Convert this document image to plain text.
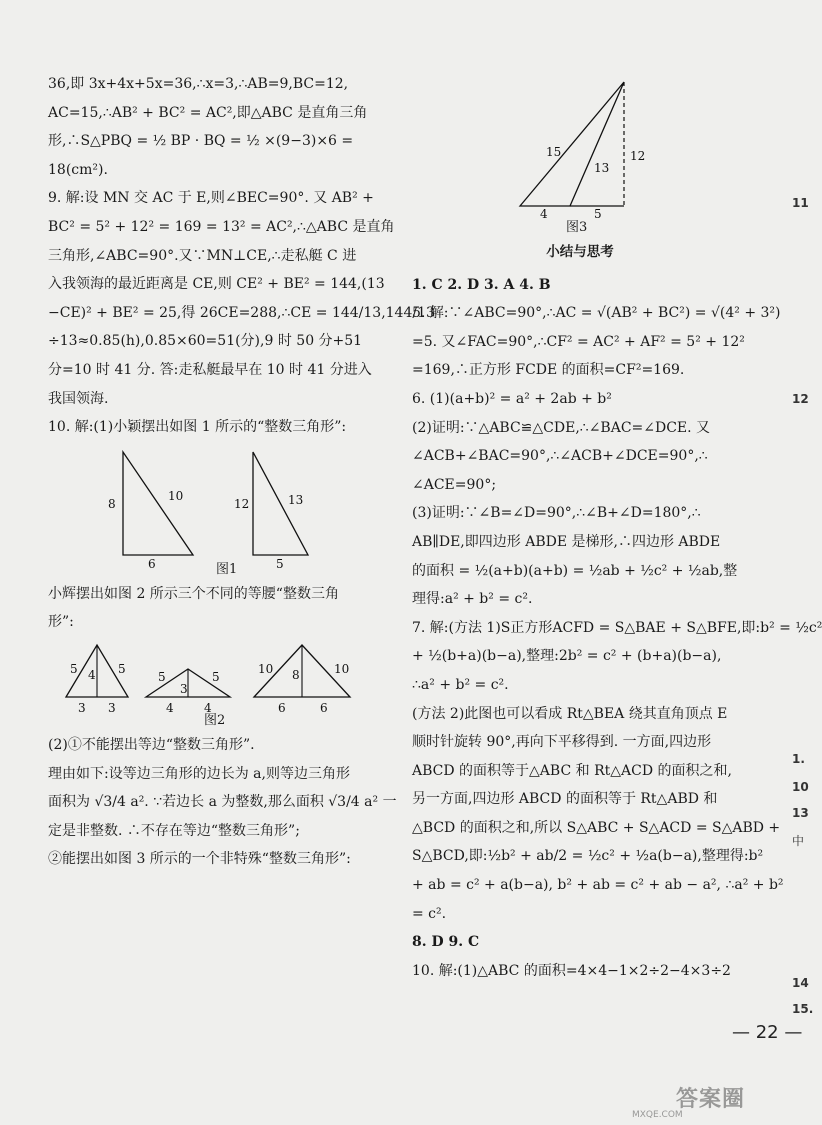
36,即 3x+4x+5x=36,∴x=3,∴AB=9,BC=12,

AC=15,∴AB² + BC² = AC²,即△ABC 是直角三角

形,∴S△PBQ = ½ BP · BQ = ½ ×(9−3)×6 =

18(cm²).

9. 解:设 MN 交 AC 于 E,则∠BEC=90°. 又 AB² +

BC² = 5² + 12² = 169 = 13² = AC²,∴△ABC 是直角

三角形,∠ABC=90°.又∵MN⊥CE,∴走私艇 C 进

入我领海的最近距离是 CE,则 CE² + BE² = 144,(13

−CE)² + BE² = 25,得 26CE=288,∴CE = 144/13,144/13

÷13≈0.85(h),0.85×60=51(分),9 时 50 分+51

分=10 时 41 分. 答:走私艇最早在 10 时 41 分进入

我国领海.

10. 解:(1)小颖摆出如图 1 所示的“整数三角形”:

8
10
6
12	13
5
图1

小辉摆出如图 2 所示三个不同的等腰“整数三角

形”:

5	5
4
3 3
5	5
3
4	4
10	10
8
6	6
图2

(2)①不能摆出等边“整数三角形”.

理由如下:设等边三角形的边长为 a,则等边三角形

面积为 √3/4 a². ∵若边长 a 为整数,那么面积 √3/4 a² 一

定是非整数. ∴不存在等边“整数三角形”;

②能摆出如图 3 所示的一个非特殊“整数三角形”:

15
13
12
4	5
图3
小结与思考

1. C 2. D 3. A 4. B

5. 解:∵∠ABC=90°,∴AC = √(AB² + BC²) = √(4² + 3²)

=5. 又∠FAC=90°,∴CF² = AC² + AF² = 5² + 12²

=169,∴正方形 FCDE 的面积=CF²=169.

6. (1)(a+b)² = a² + 2ab + b²

(2)证明:∵△ABC≌△CDE,∴∠BAC=∠DCE. 又

∠ACB+∠BAC=90°,∴∠ACB+∠DCE=90°,∴

∠ACE=90°;

(3)证明:∵∠B=∠D=90°,∴∠B+∠D=180°,∴

AB∥DE,即四边形 ABDE 是梯形,∴四边形 ABDE

的面积 = ½(a+b)(a+b) = ½ab + ½c² + ½ab,整

理得:a² + b² = c².

7. 解:(方法 1)S正方形ACFD = S△BAE + S△BFE,即:b² = ½c²

+ ½(b+a)(b−a),整理:2b² = c² + (b+a)(b−a),

∴a² + b² = c².

(方法 2)此图也可以看成 Rt△BEA 绕其直角顶点 E

顺时针旋转 90°,再向下平移得到. 一方面,四边形

ABCD 的面积等于△ABC 和 Rt△ACD 的面积之和,

另一方面,四边形 ABCD 的面积等于 Rt△ABD 和

△BCD 的面积之和,所以 S△ABC + S△ACD = S△ABD +

S△BCD,即:½b² + ab/2 = ½c² + ½a(b−a),整理得:b²

+ ab = c² + a(b−a), b² + ab = c² + ab − a², ∴a² + b²

= c².

8. D 9. C

10. 解:(1)△ABC 的面积=4×4−1×2÷2−4×3÷2

— 22 —
11
12
1.
10
13
中
14
15.
答案圈
MXQE.COM
